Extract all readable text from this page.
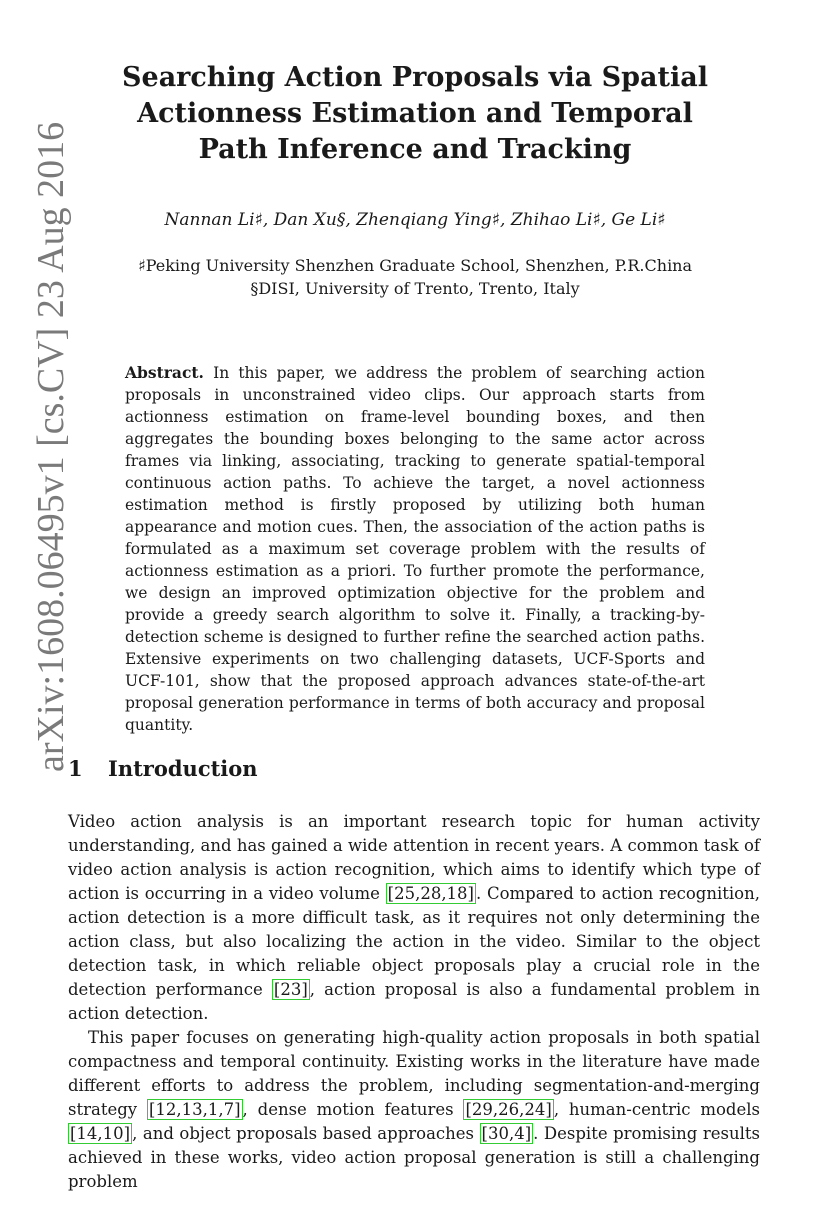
arXiv:1608.06495v1 [cs.CV] 23 Aug 2016
Searching Action Proposals via Spatial Actionness Estimation and Temporal Path Inference and Tracking
Nannan Li♯, Dan Xu§, Zhenqiang Ying♯, Zhihao Li♯, Ge Li♯
♯Peking University Shenzhen Graduate School, Shenzhen, P.R.China
§DISI, University of Trento, Trento, Italy

Abstract. In this paper, we address the problem of searching action proposals in unconstrained video clips. Our approach starts from actionness estimation on frame-level bounding boxes, and then aggregates the bounding boxes belonging to the same actor across frames via linking, associating, tracking to generate spatial-temporal continuous action paths. To achieve the target, a novel actionness estimation method is firstly proposed by utilizing both human appearance and motion cues. Then, the association of the action paths is formulated as a maximum set coverage problem with the results of actionness estimation as a priori. To further promote the performance, we design an improved optimization objective for the problem and provide a greedy search algorithm to solve it. Finally, a tracking-by-detection scheme is designed to further refine the searched action paths. Extensive experiments on two challenging datasets, UCF-Sports and UCF-101, show that the proposed approach advances state-of-the-art proposal generation performance in terms of both accuracy and proposal quantity.

1 Introduction

Video action analysis is an important research topic for human activity understanding, and has gained a wide attention in recent years. A common task of video action analysis is action recognition, which aims to identify which type of action is occurring in a video volume [25,28,18] . Compared to action recognition, action detection is a more difficult task, as it requires not only determining the action class, but also localizing the action in the video. Similar to the object detection task, in which reliable object proposals play a crucial role in the detection performance [23] , action proposal is also a fundamental problem in action detection.

This paper focuses on generating high-quality action proposals in both spatial compactness and temporal continuity. Existing works in the literature have made different efforts to address the problem, including segmentation-and-merging strategy [12,13,1,7] , dense motion features [29,26,24] , human-centric models [14,10] , and object proposals based approaches [30,4] . Despite promising results achieved in these works, video action proposal generation is still a challenging problem
